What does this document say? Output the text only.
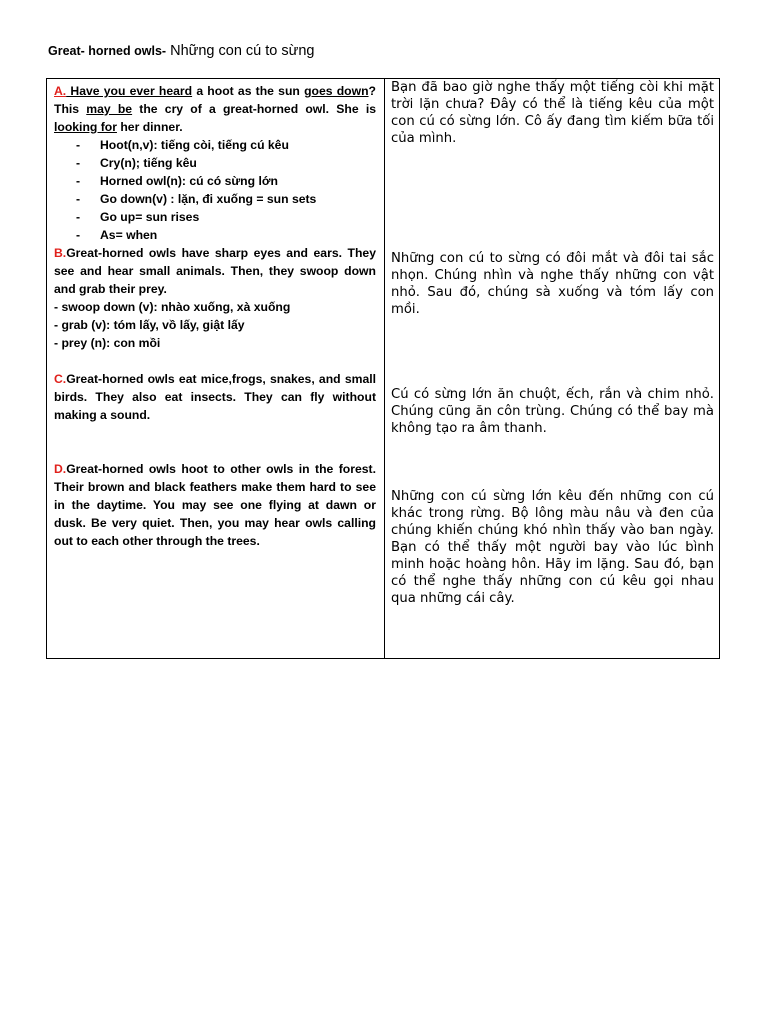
Great- horned owls- Những con cú to sừng

A. Have you ever heard a hoot as the sun goes down? This may be the cry of a great-horned owl. She is looking for her dinner.

- Hoot(n,v): tiếng còi, tiếng cú kêu
- Cry(n); tiếng kêu
- Horned owl(n): cú có sừng lớn
- Go down(v) : lặn, đi xuống = sun sets
- Go up= sun rises
- As= when

B.Great-horned owls have sharp eyes and ears. They see and hear small animals. Then, they swoop down and grab their prey.

- swoop down (v): nhào xuống, xà xuống
- grab (v): tóm lấy, vồ lấy, giật lấy
- prey (n): con mồi

C.Great-horned owls eat mice,frogs, snakes, and small birds. They also eat insects. They can fly without making a sound.

D.Great-horned owls hoot to other owls in the forest. Their brown and black feathers make them hard to see in the daytime. You may see one flying at dawn or dusk. Be very quiet. Then, you may hear owls calling out to each other through the trees.

Bạn đã bao giờ nghe thấy một tiếng còi khi mặt trời lặn chưa? Đây có thể là tiếng kêu của một con cú có sừng lớn. Cô ấy đang tìm kiếm bữa tối của mình.

Những con cú to sừng có đôi mắt và đôi tai sắc nhọn. Chúng nhìn và nghe thấy những con vật nhỏ. Sau đó, chúng sà xuống và tóm lấy con mồi.

Cú có sừng lớn ăn chuột, ếch, rắn và chim nhỏ. Chúng cũng ăn côn trùng. Chúng có thể bay mà không tạo ra âm thanh.

Những con cú sừng lớn kêu đến những con cú khác trong rừng. Bộ lông màu nâu và đen của chúng khiến chúng khó nhìn thấy vào ban ngày. Bạn có thể thấy một người bay vào lúc bình minh hoặc hoàng hôn. Hãy im lặng. Sau đó, bạn có thể nghe thấy những con cú kêu gọi nhau qua những cái cây.
